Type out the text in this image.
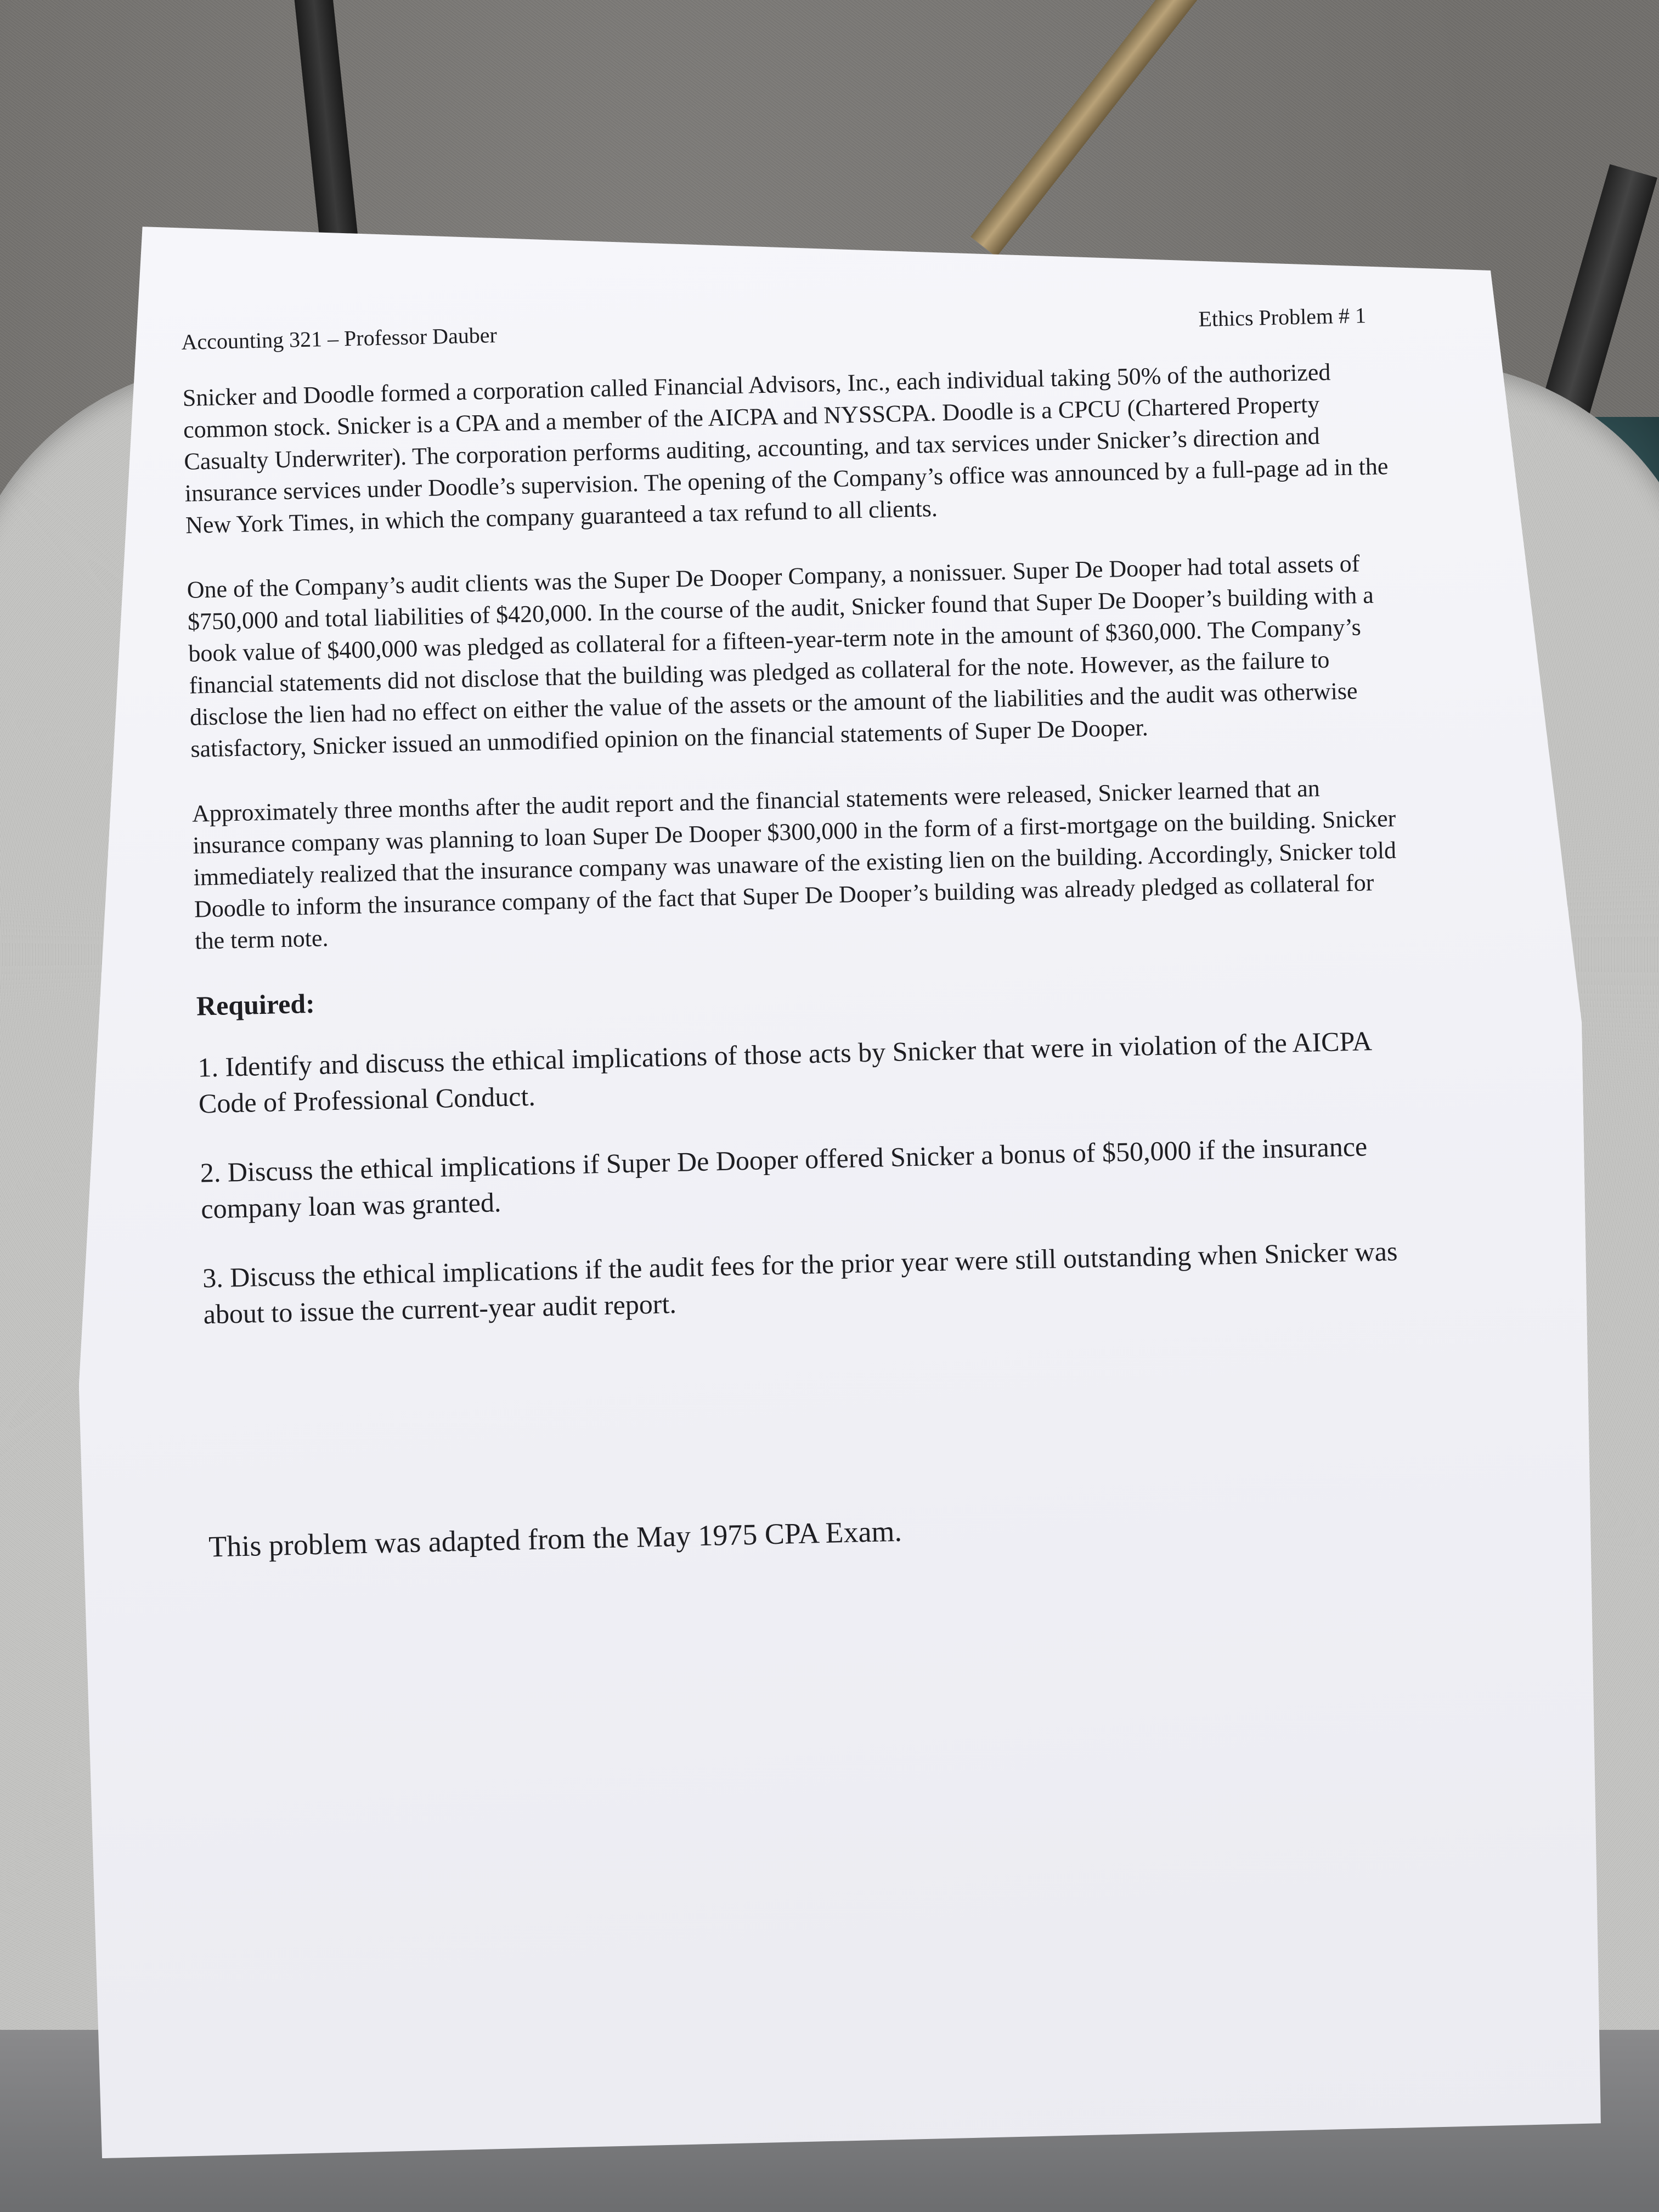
Accounting 321 – Professor Dauber
Ethics Problem # 1

Snicker and Doodle formed a corporation called Financial Advisors, Inc., each individual taking 50% of the authorized common stock. Snicker is a CPA and a member of the AICPA and NYSSCPA. Doodle is a CPCU (Chartered Property Casualty Underwriter). The corporation performs auditing, accounting, and tax services under Snicker’s direction and insurance services under Doodle’s supervision. The opening of the Company’s office was announced by a full-page ad in the New York Times, in which the company guaranteed a tax refund to all clients.

One of the Company’s audit clients was the Super De Dooper Company, a nonissuer. Super De Dooper had total assets of $750,000 and total liabilities of $420,000. In the course of the audit, Snicker found that Super De Dooper’s building with a book value of $400,000 was pledged as collateral for a fifteen-year-term note in the amount of $360,000. The Company’s financial statements did not disclose that the building was pledged as collateral for the note. However, as the failure to disclose the lien had no effect on either the value of the assets or the amount of the liabilities and the audit was otherwise satisfactory, Snicker issued an unmodified opinion on the financial statements of Super De Dooper.

Approximately three months after the audit report and the financial statements were released, Snicker learned that an insurance company was planning to loan Super De Dooper $300,000 in the form of a first-mortgage on the building. Snicker immediately realized that the insurance company was unaware of the existing lien on the building. Accordingly, Snicker told Doodle to inform the insurance company of the fact that Super De Dooper’s building was already pledged as collateral for the term note.

Required:

1. Identify and discuss the ethical implications of those acts by Snicker that were in violation of the AICPA Code of Professional Conduct.

2. Discuss the ethical implications if Super De Dooper offered Snicker a bonus of $50,000 if the insurance company loan was granted.

3. Discuss the ethical implications if the audit fees for the prior year were still outstanding when Snicker was about to issue the current-year audit report.

This problem was adapted from the May 1975 CPA Exam.
